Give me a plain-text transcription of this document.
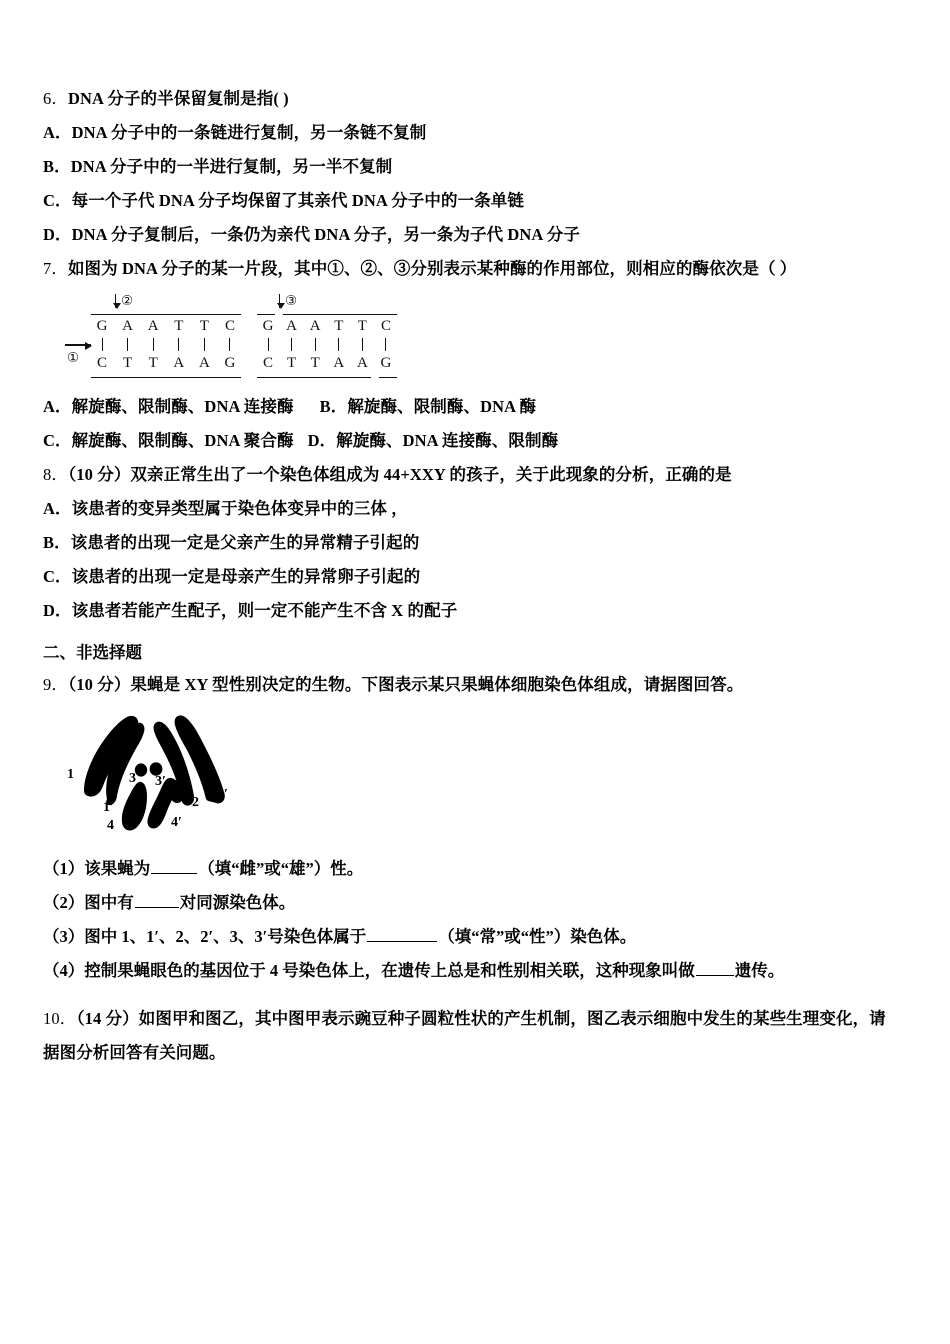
6．DNA 分子的半保留复制是指( )
A．DNA 分子中的一条链进行复制，另一条链不复制
B．DNA 分子中的一半进行复制，另一半不复制
C．每一个子代 DNA 分子均保留了其亲代 DNA 分子中的一条单链
D．DNA 分子复制后，一条仍为亲代 DNA 分子，另一条为子代 DNA 分子
7．如图为 DNA 分子的某一片段，其中①、②、③分别表示某种酶的作用部位，则相应的酶依次是（ ）
①
②	③
G A A	T	T	C
C	T	T	A A G
G A A T T C
C T T A A G
A．解旋酶、限制酶、DNA 连接酶 B．解旋酶、限制酶、DNA 酶
C．解旋酶、限制酶、DNA 聚合酶 D．解旋酶、DNA 连接酶、限制酶
8．（10 分）双亲正常生出了一个染色体组成为 44+XXY 的孩子，关于此现象的分析，正确的是
A．该患者的变异类型属于染色体变异中的三体 ，
B．该患者的出现一定是父亲产生的异常精子引起的
C．该患者的出现一定是母亲产生的异常卵子引起的
D．该患者若能产生配子，则一定不能产生不含 X 的配子
二、非选择题
9．（10 分）果蝇是 XY 型性别决定的生物。下图表示某只果蝇体细胞染色体组成，请据图回答。
1
1′
3 3′
2
2′
4	4′
（1）该果蝇为	（填“雌”或“雄”）性。
（2）图中有	对同源染色体。
（3）图中 1、1′、2、2′、3、3′号染色体属于	（填“常”或“性”）染色体。
（4）控制果蝇眼色的基因位于 4 号染色体上，在遗传上总是和性别相关联，这种现象叫做 遗传。
10．（14 分）如图甲和图乙，其中图甲表示豌豆种子圆粒性状的产生机制，图乙表示细胞中发生的某些生理变化，请
据图分析回答有关问题。
